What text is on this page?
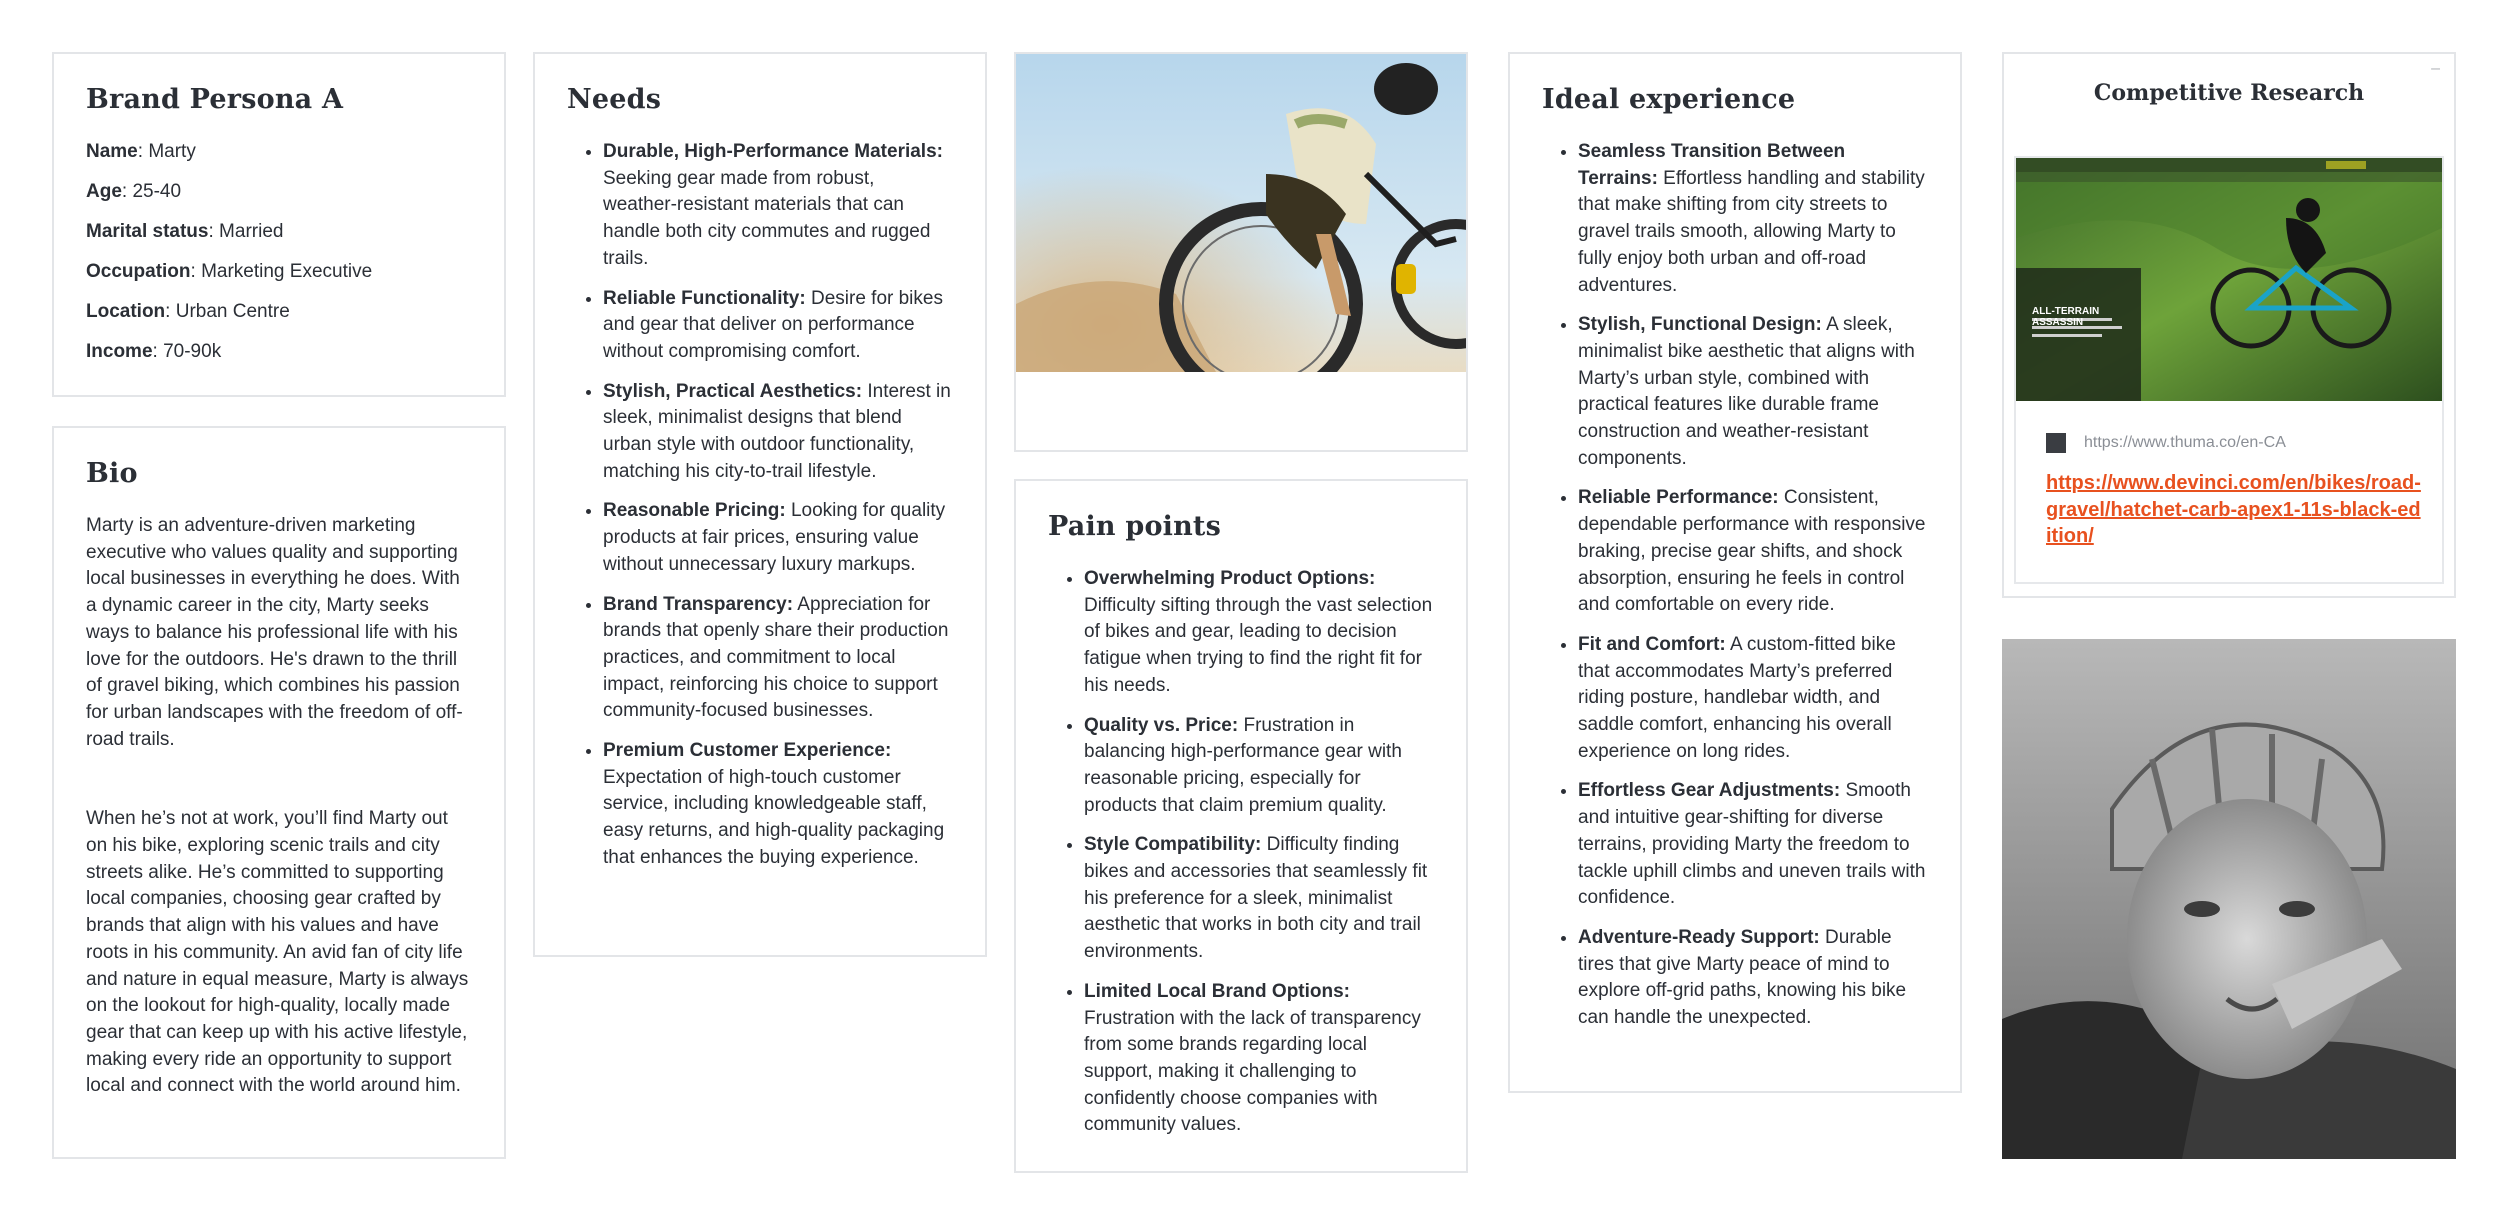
Brand Persona A
Name: Marty
Age: 25-40
Marital status: Married
Occupation: Marketing Executive
Location: Urban Centre
Income: 70-90k
Bio

Marty is an adventure-driven marketing executive who values quality and supporting local businesses in everything he does. With a dynamic career in the city, Marty seeks ways to balance his professional life with his love for the outdoors. He's drawn to the thrill of gravel biking, which combines his passion for urban landscapes with the freedom of off-road trails.

When he’s not at work, you’ll find Marty out on his bike, exploring scenic trails and city streets alike. He’s committed to supporting local companies, choosing gear crafted by brands that align with his values and have roots in his community. An avid fan of city life and nature in equal measure, Marty is always on the lookout for high-quality, locally made gear that can keep up with his active lifestyle, making every ride an opportunity to support local and connect with the world around him.

Needs
• Durable, High-Performance Materials: Seeking gear made from robust, weather-resistant materials that can handle both city commutes and rugged trails.
• Reliable Functionality: Desire for bikes and gear that deliver on performance without compromising comfort.
• Stylish, Practical Aesthetics: Interest in sleek, minimalist designs that blend urban style with outdoor functionality, matching his city-to-trail lifestyle.
• Reasonable Pricing: Looking for quality products at fair prices, ensuring value without unnecessary luxury markups.
• Brand Transparency: Appreciation for brands that openly share their production practices, and commitment to local impact, reinforcing his choice to support community-focused businesses.
• Premium Customer Experience: Expectation of high-touch customer service, including knowledgeable staff, easy returns, and high-quality packaging that enhances the buying experience.
Pain points
• Overwhelming Product Options: Difficulty sifting through the vast selection of bikes and gear, leading to decision fatigue when trying to find the right fit for his needs.
• Quality vs. Price: Frustration in balancing high-performance gear with reasonable pricing, especially for products that claim premium quality.
• Style Compatibility: Difficulty finding bikes and accessories that seamlessly fit his preference for a sleek, minimalist aesthetic that works in both city and trail environments.
• Limited Local Brand Options: Frustration with the lack of transparency from some brands regarding local support, making it challenging to confidently choose companies with community values.
Ideal experience
• Seamless Transition Between Terrains: Effortless handling and stability that make shifting from city streets to gravel trails smooth, allowing Marty to fully enjoy both urban and off-road adventures.
• Stylish, Functional Design: A sleek, minimalist bike aesthetic that aligns with Marty’s urban style, combined with practical features like durable frame construction and weather-resistant components.
• Reliable Performance: Consistent, dependable performance with responsive braking, precise gear shifts, and shock absorption, ensuring he feels in control and comfortable on every ride.
• Fit and Comfort: A custom-fitted bike that accommodates Marty’s preferred riding posture, handlebar width, and saddle comfort, enhancing his overall experience on long rides.
• Effortless Gear Adjustments: Smooth and intuitive gear-shifting for diverse terrains, providing Marty the freedom to tackle uphill climbs and uneven trails with confidence.
• Adventure-Ready Support: Durable tires that give Marty peace of mind to explore off-grid paths, knowing his bike can handle the unexpected.
–
Competitive Research
ALL-TERRAIN
ASSASSIN
https://www.thuma.co/en-CA
https://www.devinci.com/en/bikes/road-gravel/hatchet-carb-apex1-11s-black-edition/
